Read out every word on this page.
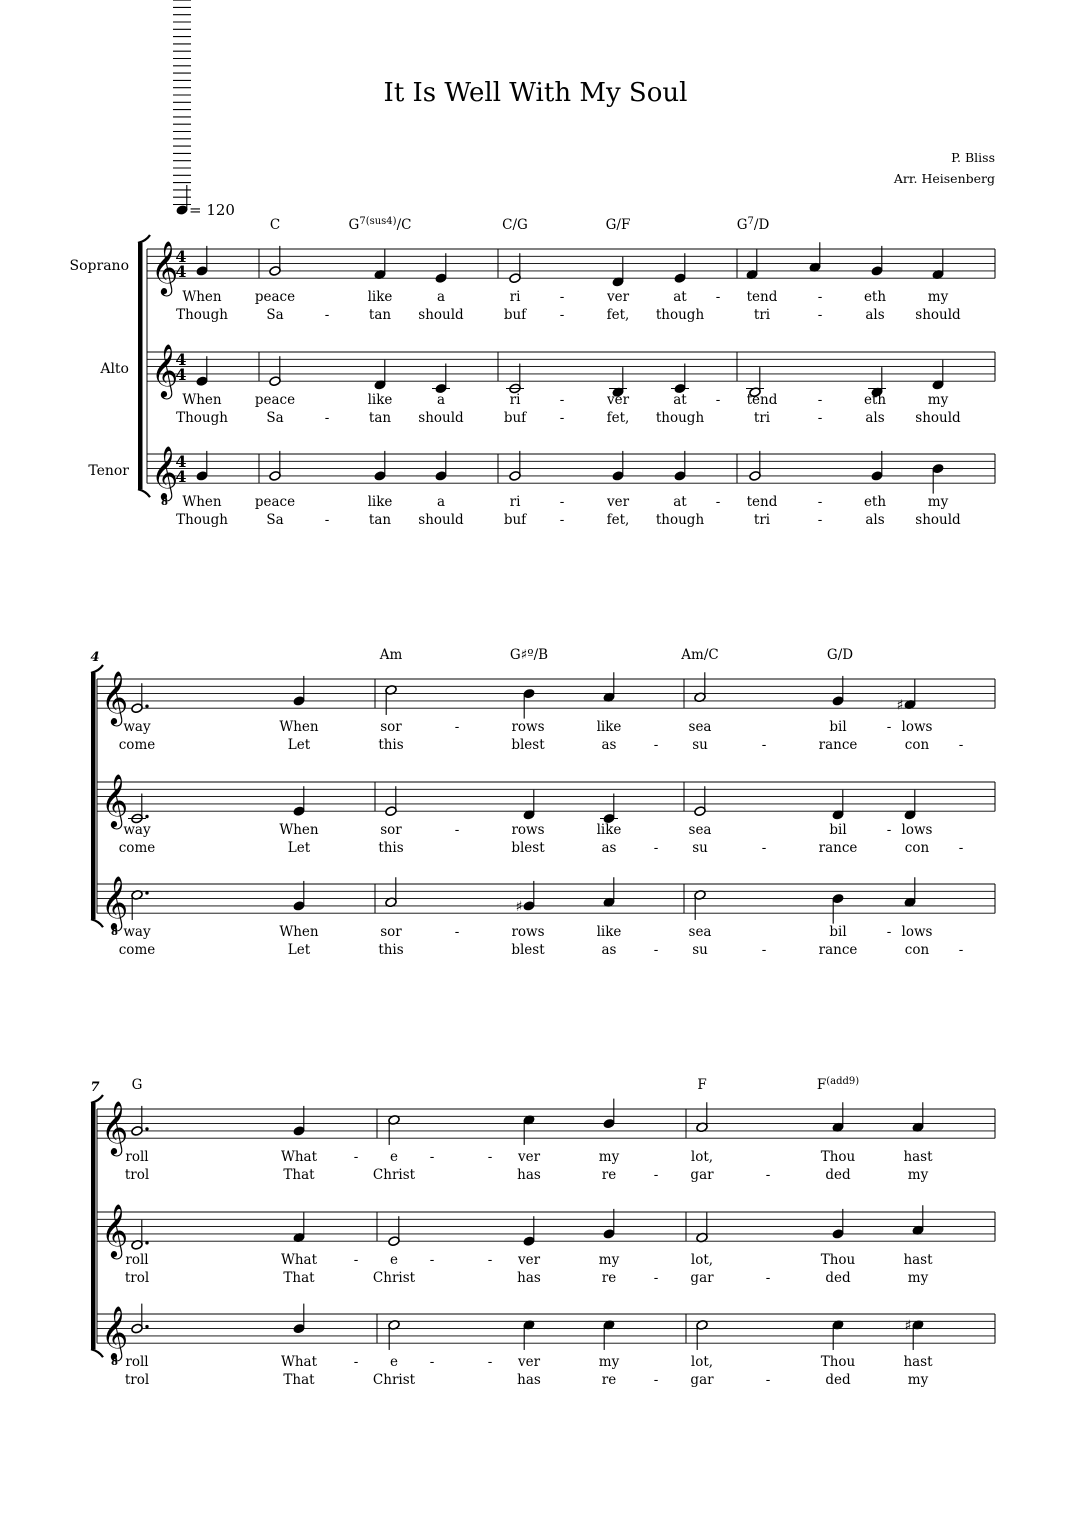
It Is Well With My Soul
P. Bliss
Arr. Heisenberg
= 120
C	$G^{7(sus4)}/C$	C/G	G/F	$G^7/D$
𝄞
Soprano	4
4
When peace	like	a	ri	-	ver	at - tend	-	eth	my
Though	Sa	-	tan should	buf -	fet, though	tri	-	als should
𝄞
Alto	4
4
When peace	like	a	ri	-	ver	at - tend	-	eth	my
Though	Sa	-	tan should	buf -	fet, though	tri	-	als should
𝄞
8
Tenor	4
4
When peace	like	a	ri	-	ver	at - tend	-	eth	my
Though	Sa	-	tan should	buf -	fet, though	tri	-	als should
4	Am	G♯º/B	Am/C	G/D
𝄞	♯
way	When	sor	-	rows	like	sea	bil	- lows
come	Let	this	blest	as	-	su	-	rance	con -
𝄞
way	When	sor	-	rows	like	sea	bil	- lows
come	Let	this	blest	as	-	su	-	rance	con -
𝄞
8
♯
way	When	sor	-	rows	like	sea	bil	- lows
come	Let	this	blest	as	-	su	-	rance	con -
7 G	F	$F^{(add9)}$
𝄞
roll	What	- e -	- ver	my	lot,	Thou	hast
trol	That	Christ	has	re	- gar	-	ded	my
𝄞
roll	What	- e -	- ver	my	lot,	Thou	hast
trol	That	Christ	has	re	- gar	-	ded	my
𝄞
8
♯
roll	What	- e -	- ver	my	lot,	Thou	hast
trol	That	Christ	has	re	- gar	-	ded	my
